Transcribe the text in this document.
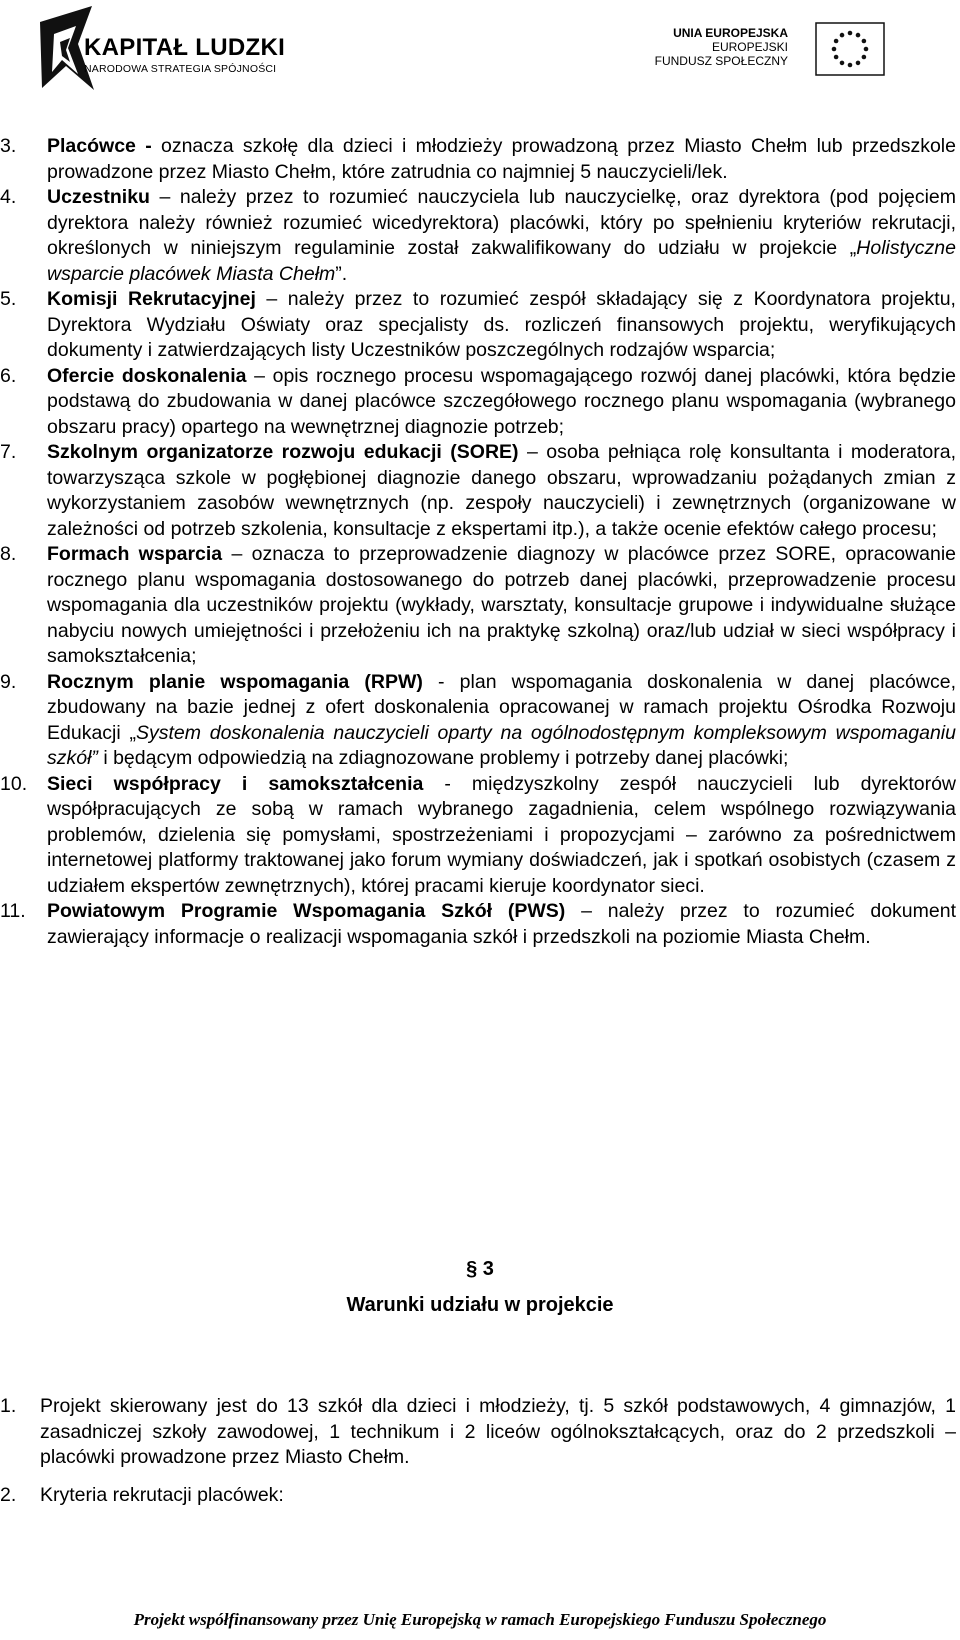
KAPITAŁ LUDZKI
NARODOWA STRATEGIA SPÓJNOŚCI
UNIA EUROPEJSKA
EUROPEJSKI
FUNDUSZ SPOŁECZNY
3. Placówce - oznacza szkołę dla dzieci i młodzieży prowadzoną przez Miasto Chełm lub przedszkole prowadzone przez Miasto Chełm, które zatrudnia co najmniej 5 nauczycieli/lek.
4. Uczestniku – należy przez to rozumieć nauczyciela lub nauczycielkę, oraz dyrektora (pod pojęciem dyrektora należy również rozumieć wicedyrektora) placówki, który po spełnieniu kryteriów rekrutacji, określonych w niniejszym regulaminie został zakwalifikowany do udziału w projekcie „Holistyczne wsparcie placówek Miasta Chełm”.
5. Komisji Rekrutacyjnej – należy przez to rozumieć zespół składający się z Koordynatora projektu, Dyrektora Wydziału Oświaty oraz specjalisty ds. rozliczeń finansowych projektu, weryfikujących dokumenty i zatwierdzających listy Uczestników poszczególnych rodzajów wsparcia;
6. Ofercie doskonalenia – opis rocznego procesu wspomagającego rozwój danej placówki, która będzie podstawą do zbudowania w danej placówce szczegółowego rocznego planu wspomagania (wybranego obszaru pracy) opartego na wewnętrznej diagnozie potrzeb;
7. Szkolnym organizatorze rozwoju edukacji (SORE) – osoba pełniąca rolę konsultanta i moderatora, towarzysząca szkole w pogłębionej diagnozie danego obszaru, wprowadzaniu pożądanych zmian z wykorzystaniem zasobów wewnętrznych (np. zespoły nauczycieli) i zewnętrznych (organizowane w zależności od potrzeb szkolenia, konsultacje z ekspertami itp.), a także ocenie efektów całego procesu;
8. Formach wsparcia – oznacza to przeprowadzenie diagnozy w placówce przez SORE, opracowanie rocznego planu wspomagania dostosowanego do potrzeb danej placówki, przeprowadzenie procesu wspomagania dla uczestników projektu (wykłady, warsztaty, konsultacje grupowe i indywidualne służące nabyciu nowych umiejętności i przełożeniu ich na praktykę szkolną) oraz/lub udział w sieci współpracy i samokształcenia;
9. Rocznym planie wspomagania (RPW) - plan wspomagania doskonalenia w danej placówce, zbudowany na bazie jednej z ofert doskonalenia opracowanej w ramach projektu Ośrodka Rozwoju Edukacji „System doskonalenia nauczycieli oparty na ogólnodostępnym kompleksowym wspomaganiu szkół” i będącym odpowiedzią na zdiagnozowane problemy i potrzeby danej placówki;
10. Sieci współpracy i samokształcenia - międzyszkolny zespół nauczycieli lub dyrektorów współpracujących ze sobą w ramach wybranego zagadnienia, celem wspólnego rozwiązywania problemów, dzielenia się pomysłami, spostrzeżeniami i propozycjami – zarówno za pośrednictwem internetowej platformy traktowanej jako forum wymiany doświadczeń, jak i spotkań osobistych (czasem z udziałem ekspertów zewnętrznych), której pracami kieruje koordynator sieci.
11. Powiatowym Programie Wspomagania Szkół (PWS) – należy przez to rozumieć dokument zawierający informacje o realizacji wspomagania szkół i przedszkoli na poziomie Miasta Chełm.
§ 3
Warunki udziału w projekcie
1. Projekt skierowany jest do 13 szkół dla dzieci i młodzieży, tj. 5 szkół podstawowych, 4 gimnazjów, 1 zasadniczej szkoły zawodowej, 1 technikum i 2 liceów ogólnokształcących, oraz do 2 przedszkoli – placówki prowadzone przez Miasto Chełm.
2. Kryteria rekrutacji placówek:
Projekt współfinansowany przez Unię Europejską w ramach Europejskiego Funduszu Społecznego
